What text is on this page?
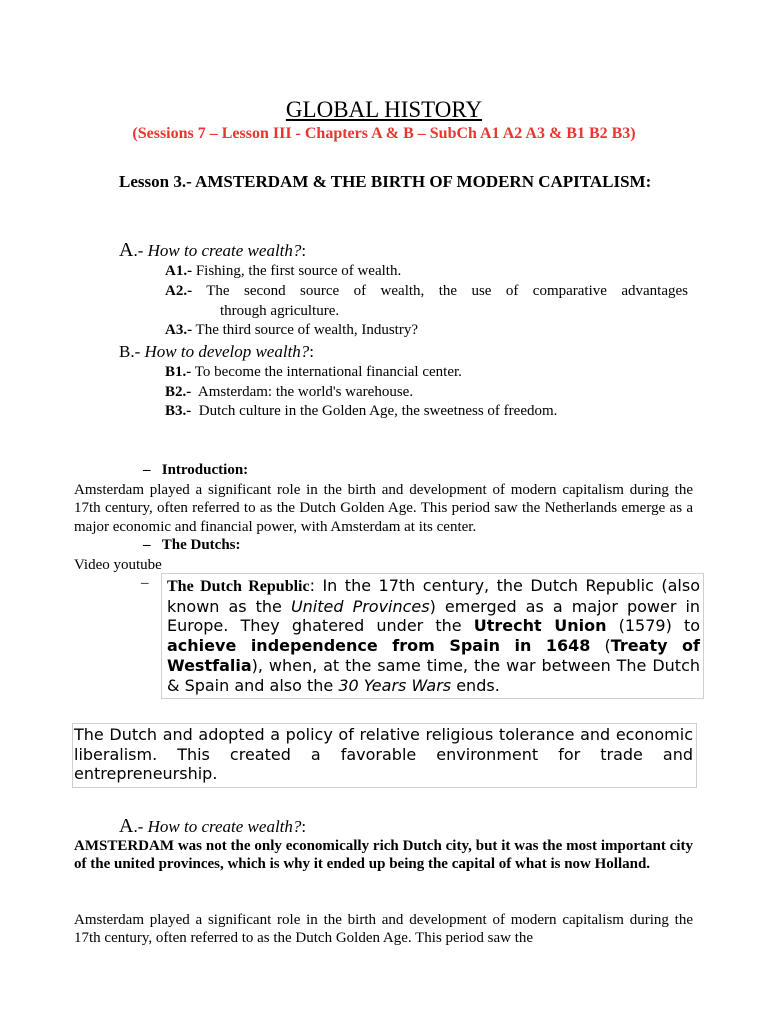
GLOBAL HISTORY
(Sessions 7 – Lesson III - Chapters A & B – SubCh A1 A2 A3 & B1 B2 B3)
Lesson 3.- AMSTERDAM & THE BIRTH OF MODERN CAPITALISM:
A.- How to create wealth?:
A1.- Fishing, the first source of wealth.
A2.- The second source of wealth, the use of comparative advantages
through agriculture.
A3.- The third source of wealth, Industry?
B.- How to develop wealth?:
B1.- To become the international financial center.
B2.-  Amsterdam: the world's warehouse.
B3.-  Dutch culture in the Golden Age, the sweetness of freedom.
– Introduction:
Amsterdam played a significant role in the birth and development of modern capitalism during the 17th century, often referred to as the Dutch Golden Age. This period saw the Netherlands emerge as a major economic and financial power, with Amsterdam at its center.
– The Dutchs:
Video youtube
–	The Dutch Republic: In the 17th century, the Dutch Republic (also known as the United Provinces) emerged as a major power in Europe. They ghatered under the Utrecht Union (1579) to achieve independence from Spain in 1648 (Treaty of Westfalia), when, at the same time, the war between The Dutch & Spain and also the 30 Years Wars ends.
The Dutch and adopted a policy of relative religious tolerance and economic liberalism. This created a favorable environment for trade and entrepreneurship.
A.- How to create wealth?:
AMSTERDAM was not the only economically rich Dutch city, but it was the most important city of the united provinces, which is why it ended up being the capital of what is now Holland.
Amsterdam played a significant role in the birth and development of modern capitalism during the 17th century, often referred to as the Dutch Golden Age. This period saw the
